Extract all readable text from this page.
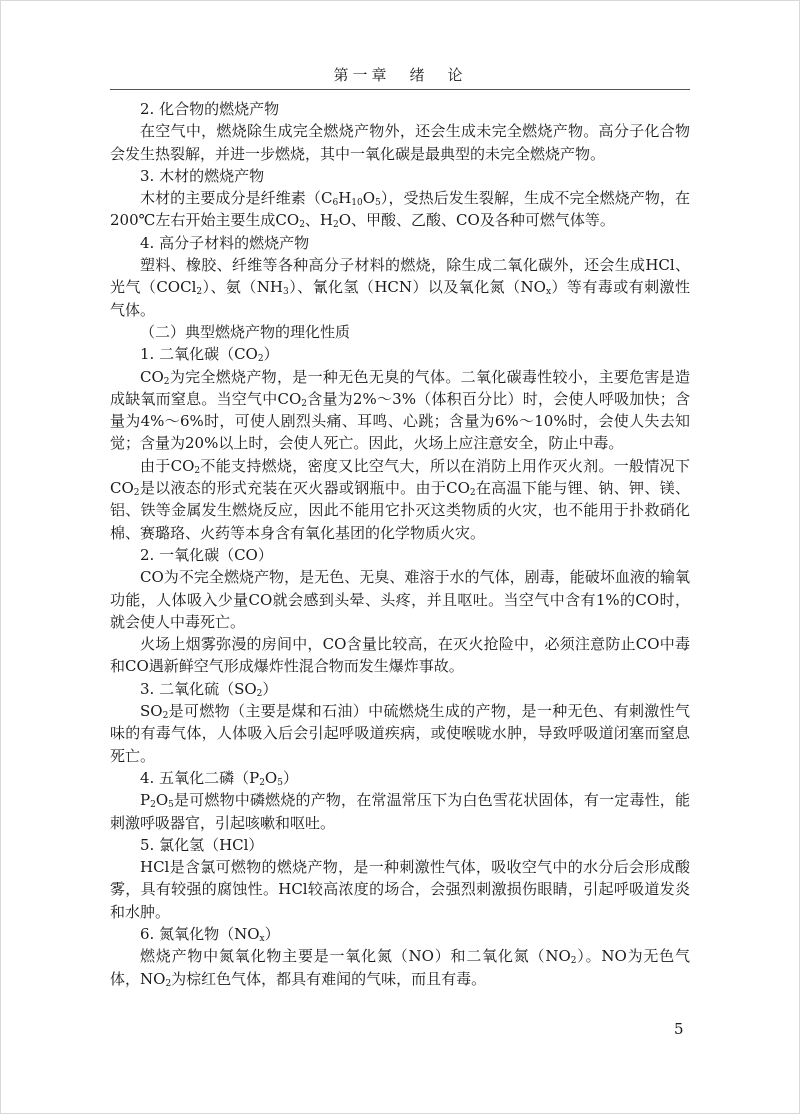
第一章　绪　论

2. 化合物的燃烧产物

在空气中，燃烧除生成完全燃烧产物外，还会生成未完全燃烧产物。高分子化合物会发生热裂解，并进一步燃烧，其中一氧化碳是最典型的未完全燃烧产物。

3. 木材的燃烧产物

木材的主要成分是纤维素$(C_6H_{10}O_5)$，受热后发生裂解，生成不完全燃烧产物，在200℃左右开始主要生成$CO_2$、$H_2O$、甲酸、乙酸、CO及各种可燃气体等。

4. 高分子材料的燃烧产物

塑料、橡胶、纤维等各种高分子材料的燃烧，除生成二氧化碳外，还会生成HCl、光气（COCl$_2$）、氨$(NH_3)$、氰化氢（HCN）以及氧化氮$(NO_x)$等有毒或有刺激性气体。

（二）典型燃烧产物的理化性质

1. 二氧化碳$(CO_2)$

$CO_2$为完全燃烧产物，是一种无色无臭的气体。二氧化碳毒性较小，主要危害是造成缺氧而窒息。当空气中$CO_2$含量为2%～3%（体积百分比）时，会使人呼吸加快；含量为4%～6%时，可使人剧烈头痛、耳鸣、心跳；含量为6%～10%时，会使人失去知觉；含量为20%以上时，会使人死亡。因此，火场上应注意安全，防止中毒。

由于$CO_2$不能支持燃烧，密度又比空气大，所以在消防上用作灭火剂。一般情况下$CO_2$是以液态的形式充装在灭火器或钢瓶中。由于$CO_2$在高温下能与锂、钠、钾、镁、铝、铁等金属发生燃烧反应，因此不能用它扑灭这类物质的火灾，也不能用于扑救硝化棉、赛璐珞、火药等本身含有氧化基团的化学物质火灾。

2. 一氧化碳（CO）

CO为不完全燃烧产物，是无色、无臭、难溶于水的气体，剧毒，能破坏血液的输氧功能，人体吸入少量CO就会感到头晕、头疼，并且呕吐。当空气中含有1%的CO时，就会使人中毒死亡。

火场上烟雾弥漫的房间中，CO含量比较高，在灭火抢险中，必须注意防止CO中毒和CO遇新鲜空气形成爆炸性混合物而发生爆炸事故。

3. 二氧化硫$(SO_2)$

$SO_2$是可燃物（主要是煤和石油）中硫燃烧生成的产物，是一种无色、有刺激性气味的有毒气体，人体吸入后会引起呼吸道疾病，或使喉咙水肿，导致呼吸道闭塞而窒息死亡。

4. 五氧化二磷$(P_2O_5)$

$P_2O_5$是可燃物中磷燃烧的产物，在常温常压下为白色雪花状固体，有一定毒性，能刺激呼吸器官，引起咳嗽和呕吐。

5. 氯化氢（HCl）

HCl是含氯可燃物的燃烧产物，是一种刺激性气体，吸收空气中的水分后会形成酸雾，具有较强的腐蚀性。HCl较高浓度的场合，会强烈刺激损伤眼睛，引起呼吸道发炎和水肿。

6. 氮氧化物$(NO_x)$

燃烧产物中氮氧化物主要是一氧化氮（NO）和二氧化氮$(NO_2)$。NO为无色气体，$NO_2$为棕红色气体，都具有难闻的气味，而且有毒。

5
